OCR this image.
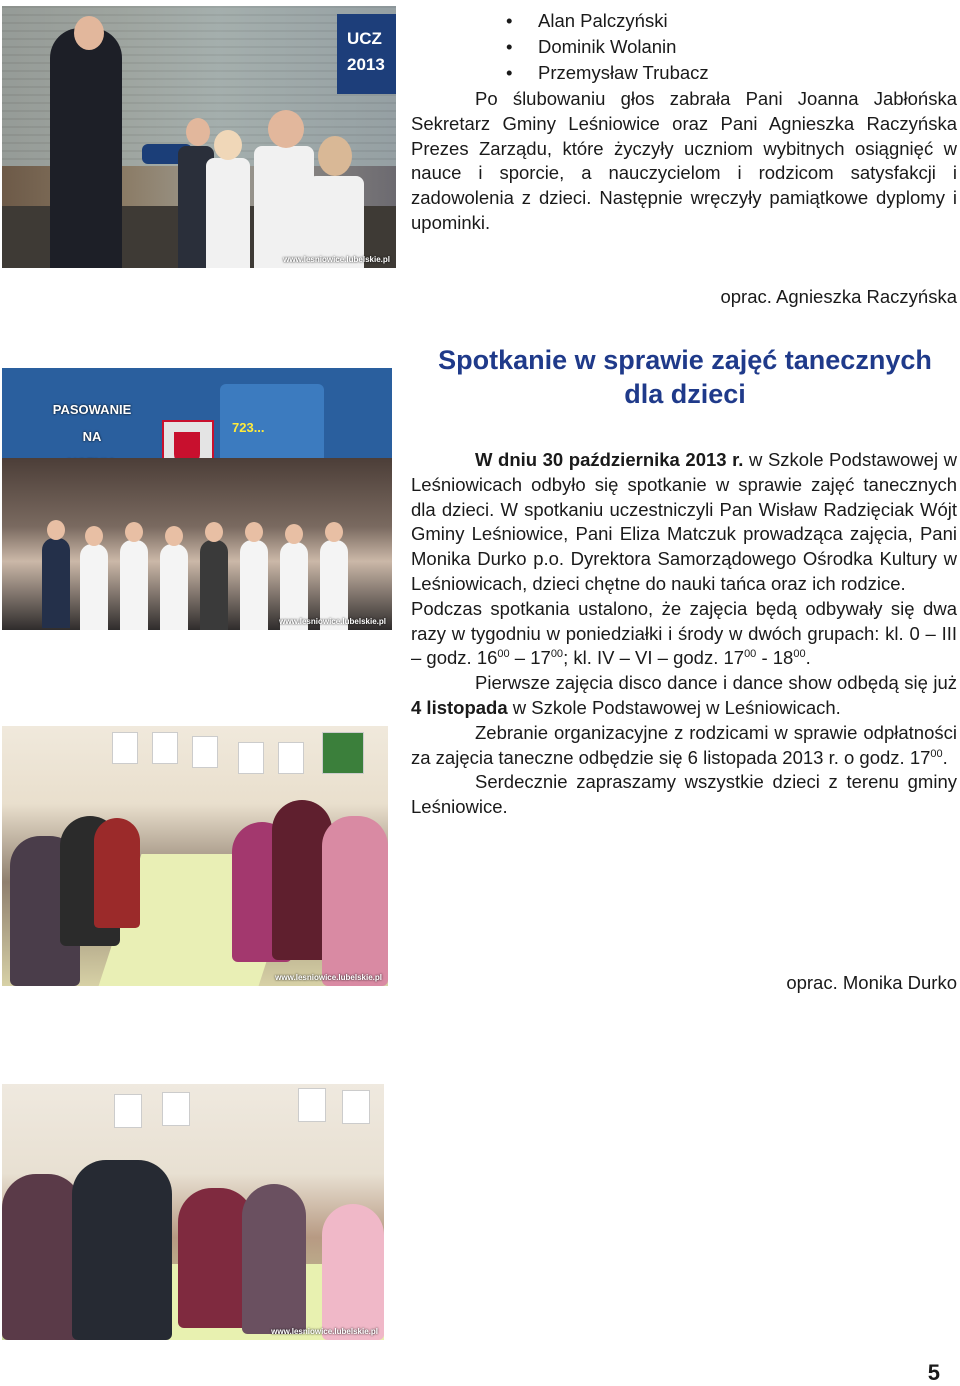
UCZ
2013
www.lesniowice.lubelskie.pl
• Alan Palczyński
• Dominik Wolanin
• Przemysław Trubacz

Po ślubowaniu głos zabrała Pani Joanna Jabłońska Sekretarz Gminy Leśniowice oraz Pani Agnieszka Raczyńska Prezes Zarządu, które życzyły uczniom wybitnych osiągnięć w nauce i sporcie, a nauczycielom i rodzicom satysfakcji i zadowolenia z dzieci. Następnie wręczyły pamiątkowe dyplomy i upominki.

oprac. Agnieszka Raczyńska
Spotkanie w sprawie zajęć tanecznych
dla dzieci
PASOWANIE
NA
723...
www.lesniowice.lubelskie.pl

W dniu 30 października 2013 r. w Szkole Podstawowej w Leśniowicach odbyło się spotkanie w sprawie zajęć tanecznych dla dzieci. W spotkaniu uczestniczyli Pan Wisław Radzięciak Wójt Gminy Leśniowice, Pani Eliza Matczuk prowadząca zajęcia, Pani Monika Durko p.o. Dyrektora Samorządowego Ośrodka Kultury w Leśniowicach, dzieci chętne do nauki tańca oraz ich rodzice.

Podczas spotkania ustalono, że zajęcia będą odbywały się dwa razy w tygodniu w poniedziałki i środy w dwóch grupach: kl. 0 – III – godz. $16^{00} - 17^{00}$; kl. IV – VI – godz. $17^{00} - 18^{00}$.

Pierwsze zajęcia disco dance i dance show odbędą się już 4 listopada w Szkole Podstawowej w Leśniowicach.

Zebranie organizacyjne z rodzicami w sprawie odpłatności za zajęcia taneczne odbędzie się 6 listopada 2013 r. o godz. $17^{00}$.

Serdecznie zapraszamy wszystkie dzieci z terenu gminy Leśniowice.

www.lesniowice.lubelskie.pl	oprac. Monika Durko
www.lesniowice.lubelskie.pl
5
